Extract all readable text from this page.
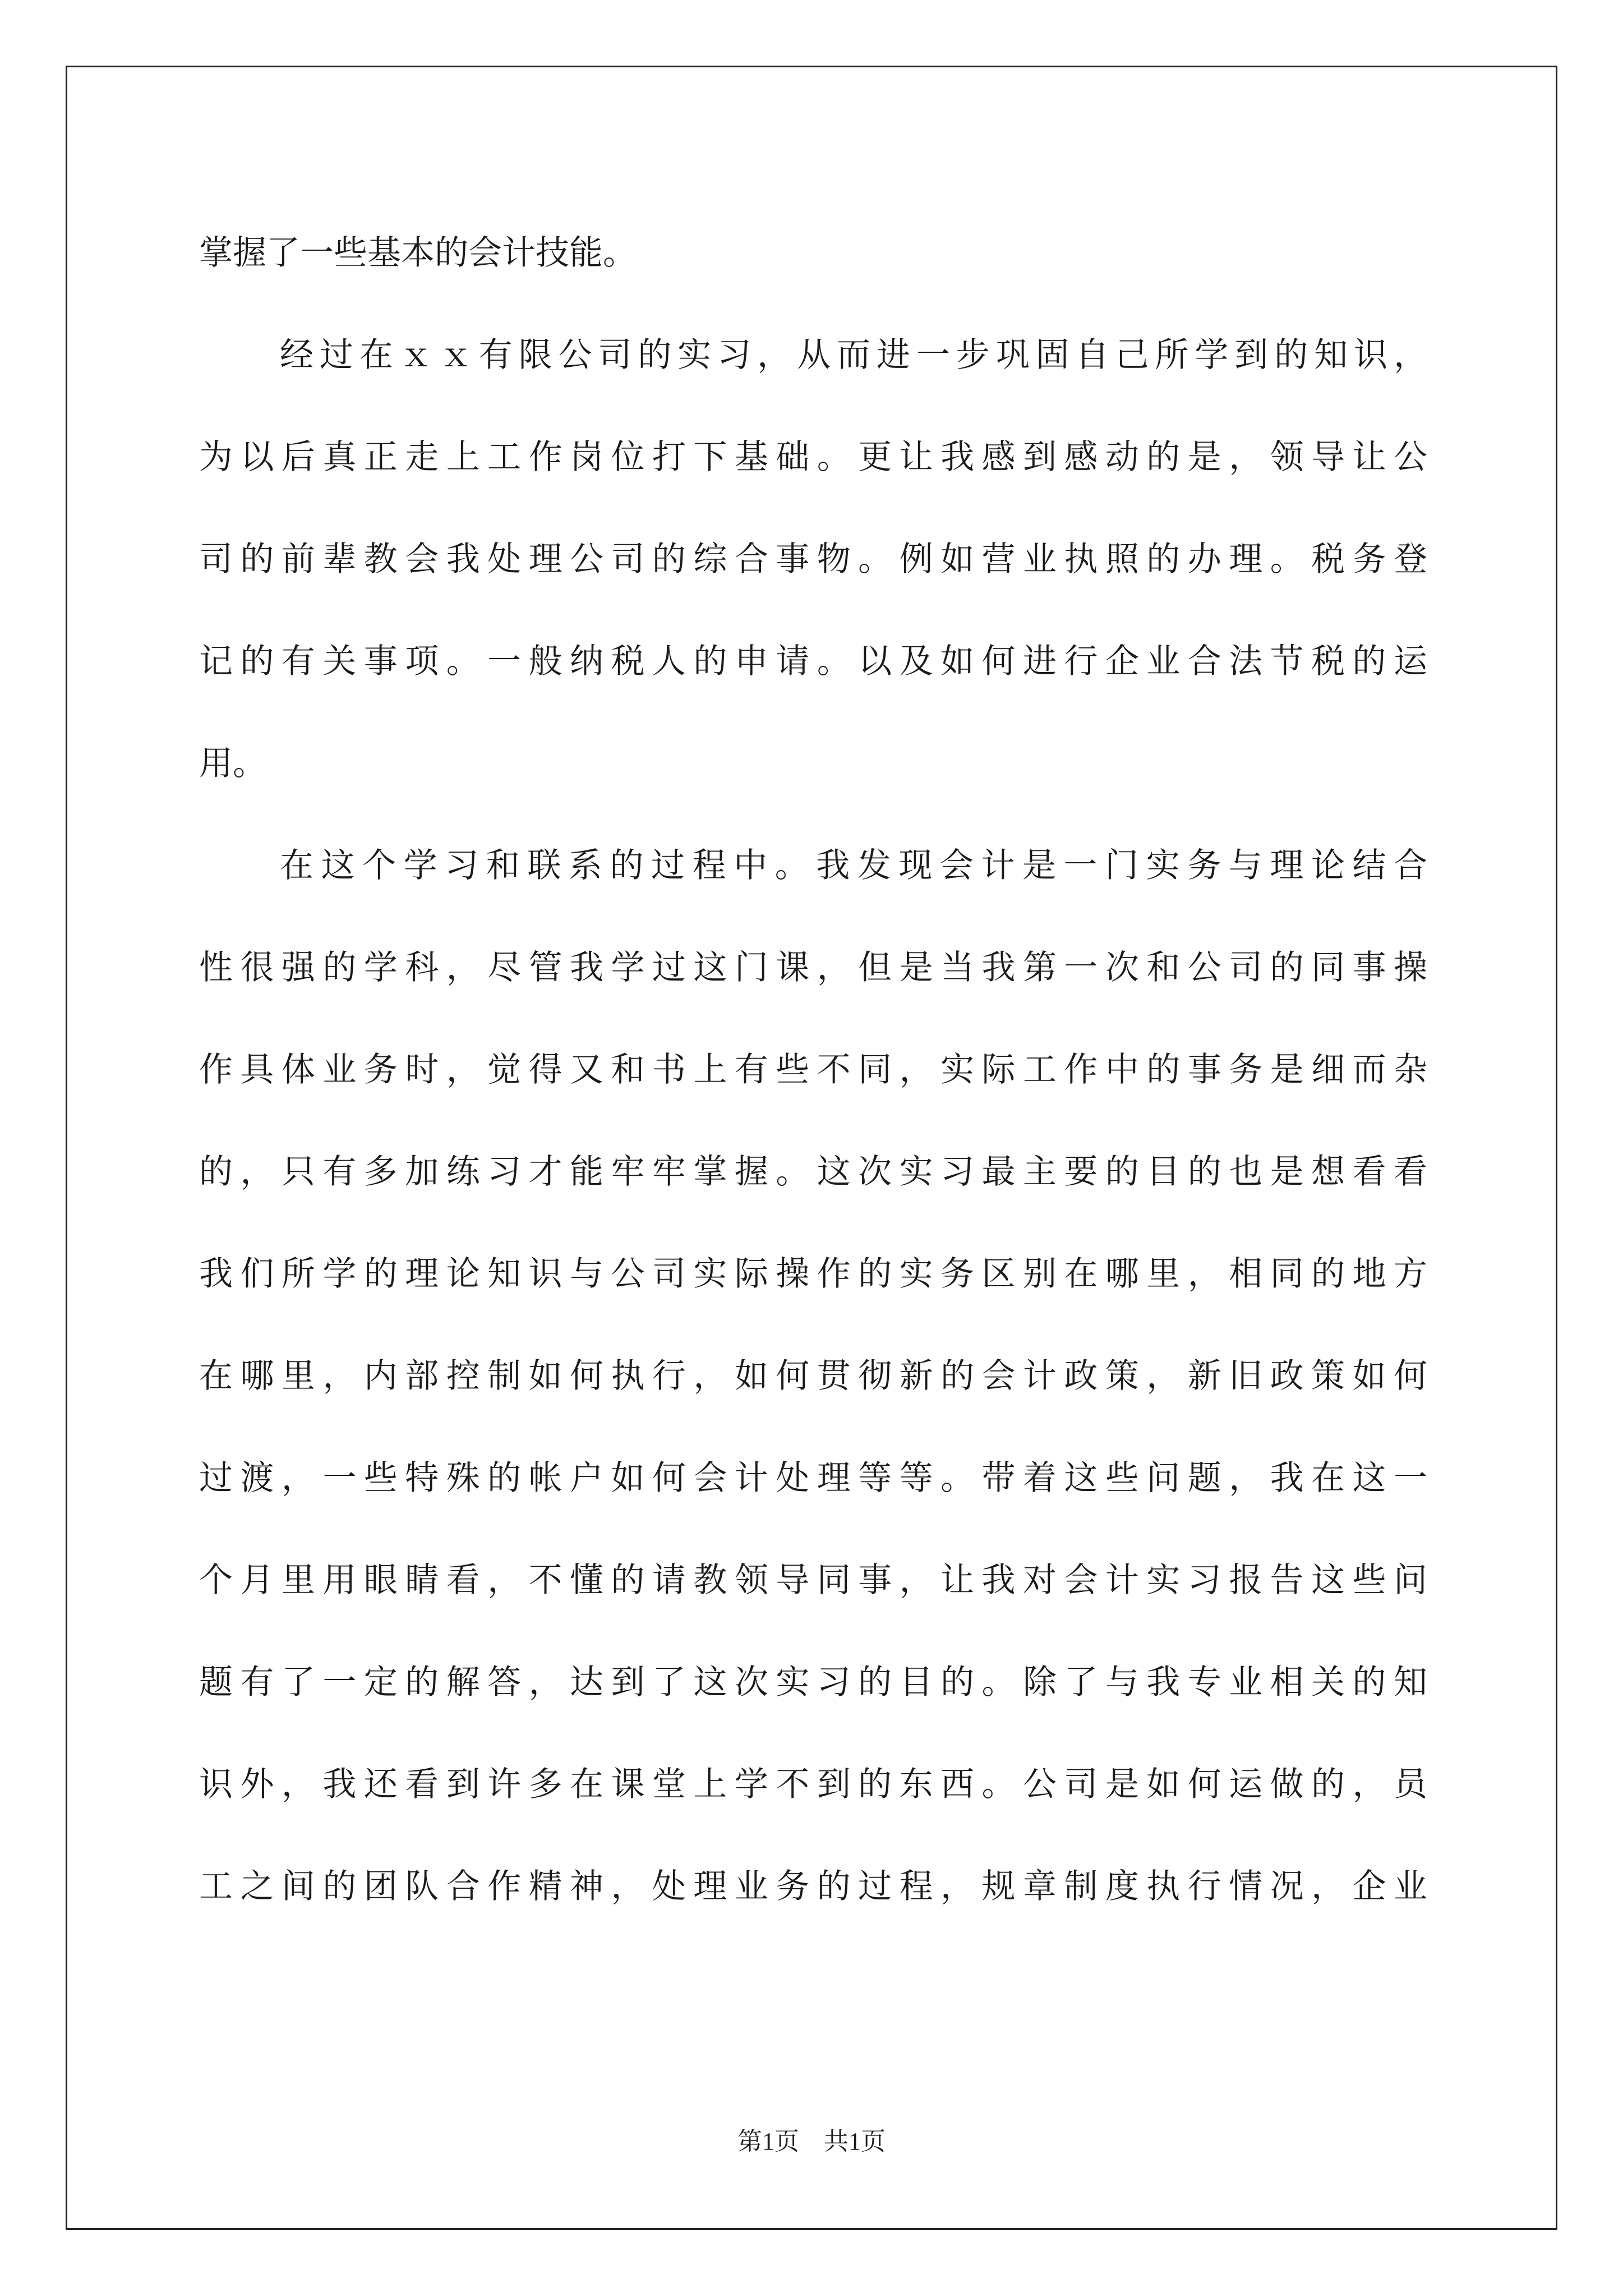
掌握了一些基本的会计技能。
经过在ｘｘ有限公司的实习，从而进一步巩固自己所学到的知识，
为以后真正走上工作岗位打下基础。更让我感到感动的是，领导让公
司的前辈教会我处理公司的综合事物。例如营业执照的办理。税务登
记的有关事项。一般纳税人的申请。以及如何进行企业合法节税的运
用。
在这个学习和联系的过程中。我发现会计是一门实务与理论结合
性很强的学科，尽管我学过这门课，但是当我第一次和公司的同事操
作具体业务时，觉得又和书上有些不同，实际工作中的事务是细而杂
的，只有多加练习才能牢牢掌握。这次实习最主要的目的也是想看看
我们所学的理论知识与公司实际操作的实务区别在哪里，相同的地方
在哪里，内部控制如何执行，如何贯彻新的会计政策，新旧政策如何
过渡，一些特殊的帐户如何会计处理等等。带着这些问题，我在这一
个月里用眼睛看，不懂的请教领导同事，让我对会计实习报告这些问
题有了一定的解答，达到了这次实习的目的。除了与我专业相关的知
识外，我还看到许多在课堂上学不到的东西。公司是如何运做的，员
工之间的团队合作精神，处理业务的过程，规章制度执行情况，企业
第1页 共1页
